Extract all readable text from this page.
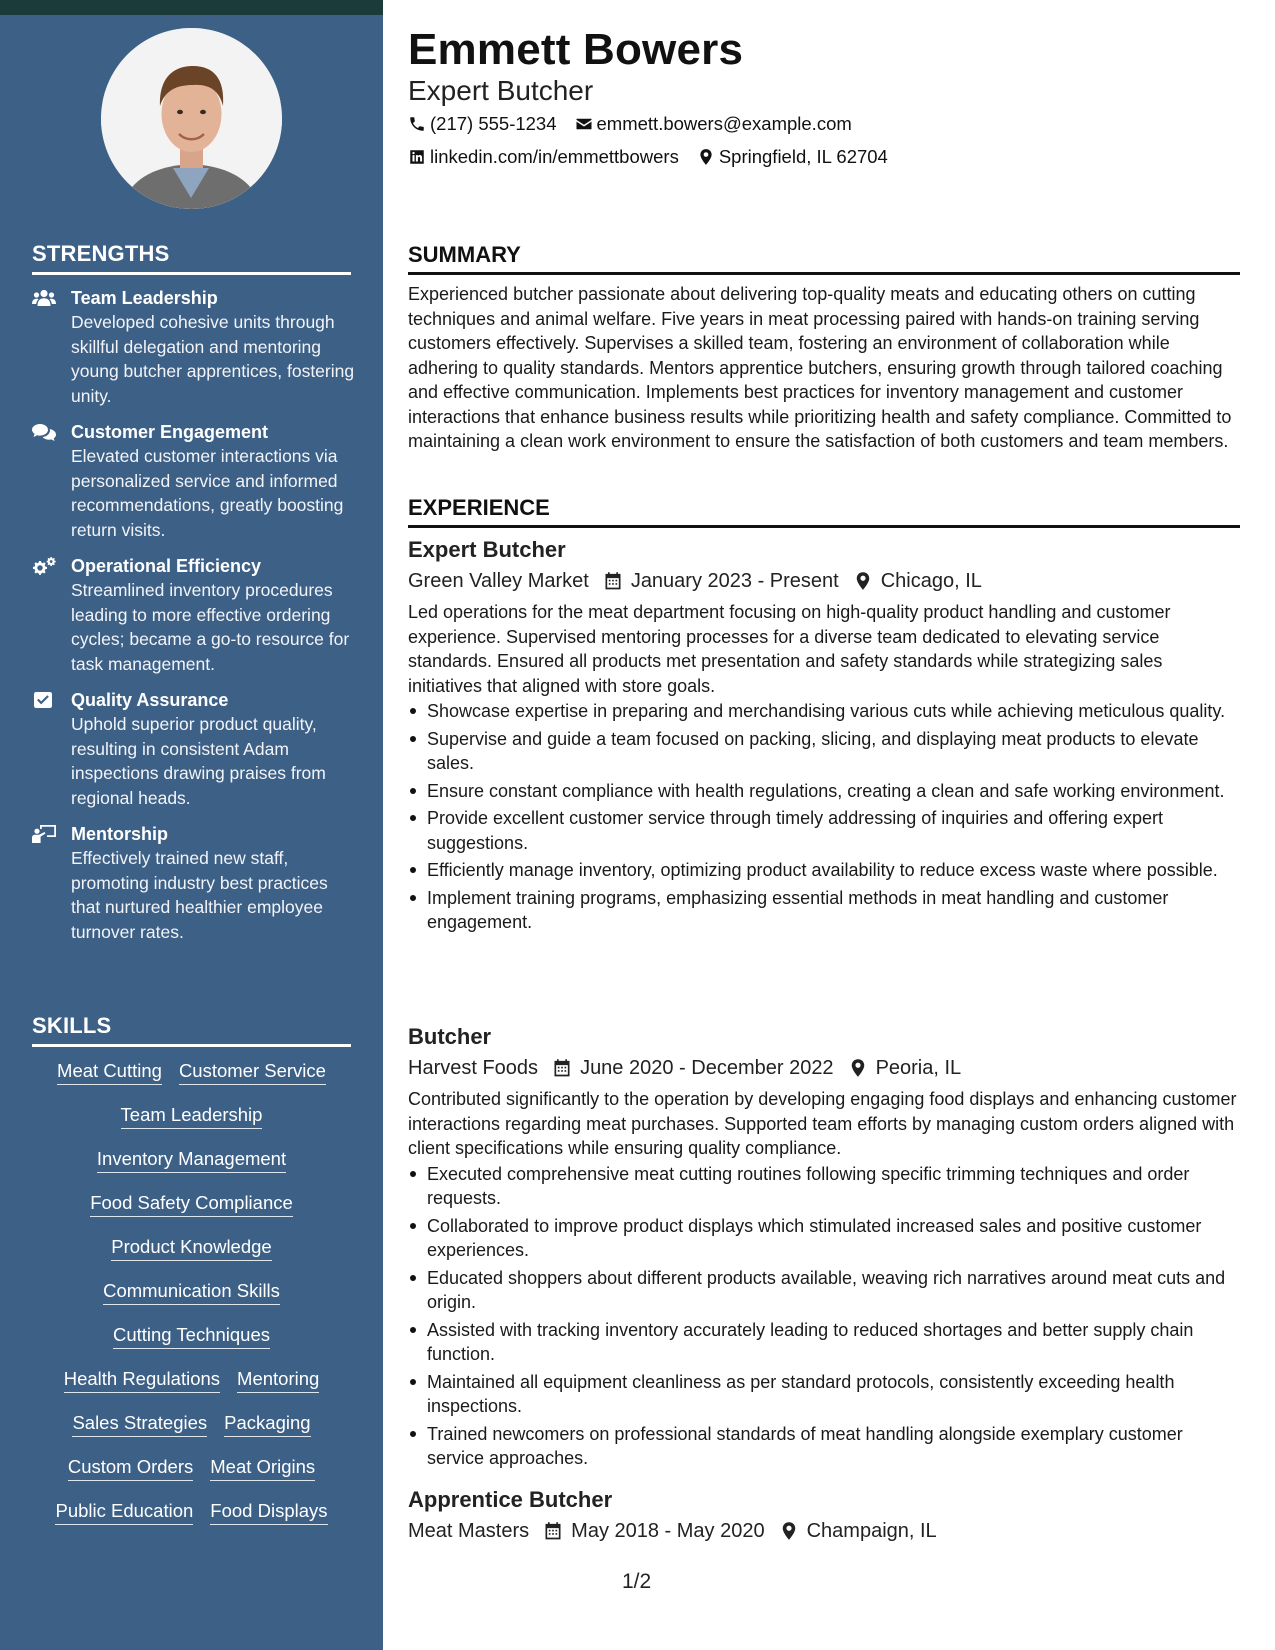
STRENGTHS
Team Leadership
Developed cohesive units through skillful delegation and mentoring young butcher apprentices, fostering unity.
Customer Engagement
Elevated customer interactions via personalized service and informed recommendations, greatly boosting return visits.
Operational Efficiency
Streamlined inventory procedures leading to more effective ordering cycles; became a go-to resource for task management.
Quality Assurance
Uphold superior product quality, resulting in consistent Adam inspections drawing praises from regional heads.
Mentorship
Effectively trained new staff, promoting industry best practices that nurtured healthier employee turnover rates.
SKILLS
Meat Cutting Customer Service
Team Leadership
Inventory Management
Food Safety Compliance
Product Knowledge
Communication Skills
Cutting Techniques
Health Regulations Mentoring
Sales Strategies Packaging
Custom Orders Meat Origins
Public Education Food Displays
Emmett Bowers
Expert Butcher
(217) 555-1234 emmett.bowers@example.com
linkedin.com/in/emmettbowers Springfield, IL 62704
SUMMARY

Experienced butcher passionate about delivering top-quality meats and educating others on cutting techniques and animal welfare. Five years in meat processing paired with hands-on training serving customers effectively. Supervises a skilled team, fostering an environment of collaboration while adhering to quality standards. Mentors apprentice butchers, ensuring growth through tailored coaching and effective communication. Implements best practices for inventory management and customer interactions that enhance business results while prioritizing health and safety compliance. Committed to maintaining a clean work environment to ensure the satisfaction of both customers and team members.

EXPERIENCE
Expert Butcher
Green Valley Market January 2023 - Present Chicago, IL

Led operations for the meat department focusing on high-quality product handling and customer experience. Supervised mentoring processes for a diverse team dedicated to elevating service standards. Ensured all products met presentation and safety standards while strategizing sales initiatives that aligned with store goals.

Showcase expertise in preparing and merchandising various cuts while achieving meticulous quality.
Supervise and guide a team focused on packing, slicing, and displaying meat products to elevate sales.
Ensure constant compliance with health regulations, creating a clean and safe working environment.
Provide excellent customer service through timely addressing of inquiries and offering expert suggestions.
Efficiently manage inventory, optimizing product availability to reduce excess waste where possible.
Implement training programs, emphasizing essential methods in meat handling and customer engagement.
Butcher
Harvest Foods June 2020 - December 2022 Peoria, IL

Contributed significantly to the operation by developing engaging food displays and enhancing customer interactions regarding meat purchases. Supported team efforts by managing custom orders aligned with client specifications while ensuring quality compliance.

Executed comprehensive meat cutting routines following specific trimming techniques and order requests.
Collaborated to improve product displays which stimulated increased sales and positive customer experiences.
Educated shoppers about different products available, weaving rich narratives around meat cuts and origin.
Assisted with tracking inventory accurately leading to reduced shortages and better supply chain function.
Maintained all equipment cleanliness as per standard protocols, consistently exceeding health inspections.
Trained newcomers on professional standards of meat handling alongside exemplary customer service approaches.
Apprentice Butcher
Meat Masters May 2018 - May 2020 Champaign, IL
1/2
